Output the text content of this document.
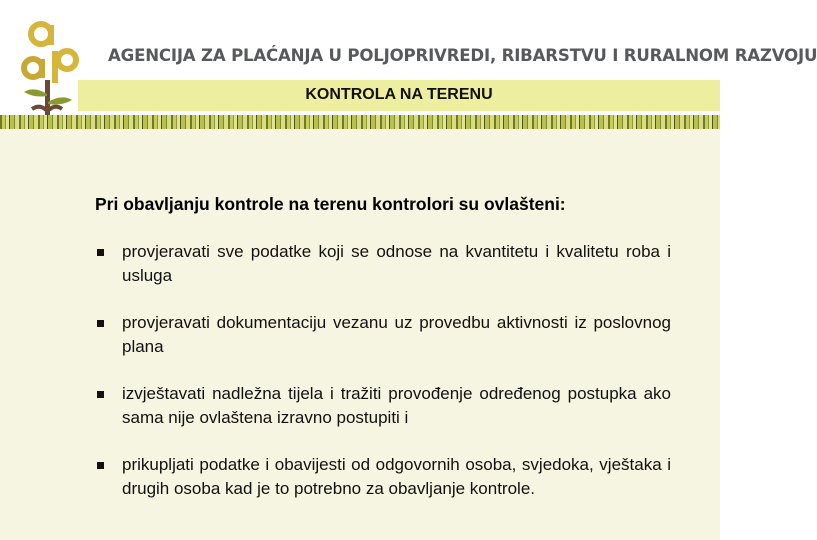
AGENCIJA ZA PLAĆANJA U POLJOPRIVREDI, RIBARSTVU I RURALNOM RAZVOJU
KONTROLA NA TERENU
Pri obavljanju kontrole na terenu kontrolori su ovlašteni:
provjeravati sve podatke koji se odnose na kvantitetu i kvalitetu roba i usluga
provjeravati dokumentaciju vezanu uz provedbu aktivnosti iz poslovnog plana
izvještavati nadležna tijela i tražiti provođenje određenog postupka ako sama nije ovlaštena izravno postupiti i
prikupljati podatke i obavijesti od odgovornih osoba, svjedoka, vještaka i drugih osoba kad je to potrebno za obavljanje kontrole.
